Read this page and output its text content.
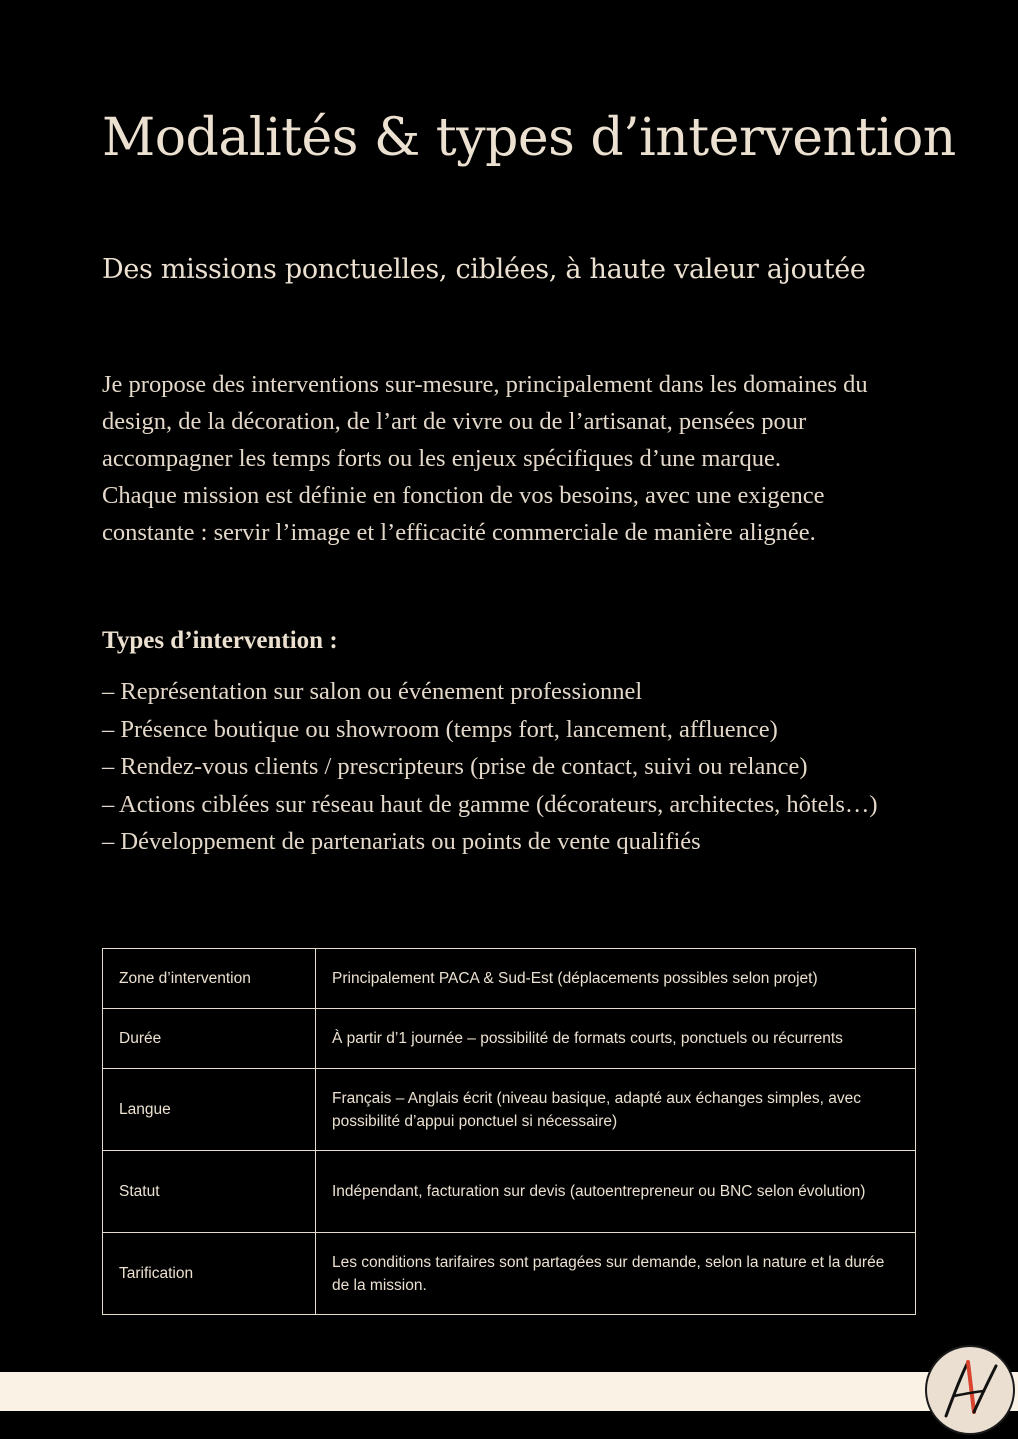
Modalités & types d’intervention
Des missions ponctuelles, ciblées, à haute valeur ajoutée

Je propose des interventions sur-mesure, principalement dans les domaines du
design, de la décoration, de l’art de vivre ou de l’artisanat, pensées pour
accompagner les temps forts ou les enjeux spécifiques d’une marque.
Chaque mission est définie en fonction de vos besoins, avec une exigence
constante : servir l’image et l’efficacité commerciale de manière alignée.

Types d’intervention :
– Représentation sur salon ou événement professionnel
– Présence boutique ou showroom (temps fort, lancement, affluence)
– Rendez-vous clients / prescripteurs (prise de contact, suivi ou relance)
– Actions ciblées sur réseau haut de gamme (décorateurs, architectes, hôtels…)
– Développement de partenariats ou points de vente qualifiés
Zone d’intervention	Principalement PACA & Sud-Est (déplacements possibles selon projet)
Durée	À partir d’1 journée – possibilité de formats courts, ponctuels ou récurrents
Langue	Français – Anglais écrit (niveau basique, adapté aux échanges simples, avec possibilité d’appui ponctuel si nécessaire)
Statut	Indépendant, facturation sur devis (autoentrepreneur ou BNC selon évolution)
Tarification	Les conditions tarifaires sont partagées sur demande, selon la nature et la durée de la mission.
